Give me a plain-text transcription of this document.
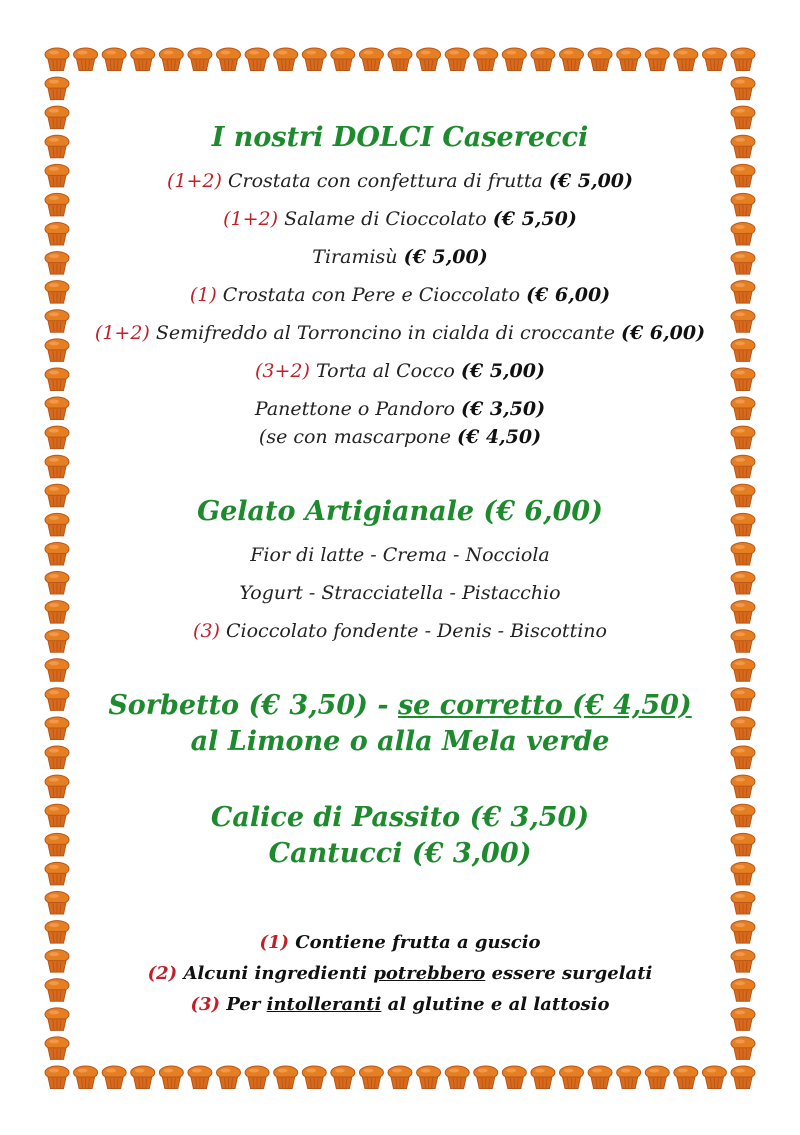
I nostri DOLCI Caserecci
(1+2) Crostata con confettura di frutta (€ 5,00)
(1+2) Salame di Cioccolato (€ 5,50)
Tiramisù (€ 5,00)
(1) Crostata con Pere e Cioccolato (€ 6,00)
(1+2) Semifreddo al Torroncino in cialda di croccante (€ 6,00)
(3+2) Torta al Cocco (€ 5,00)
Panettone o Pandoro (€ 3,50)
(se con mascarpone (€ 4,50)
Gelato Artigianale (€ 6,00)
Fior di latte - Crema - Nocciola
Yogurt - Stracciatella - Pistacchio
(3) Cioccolato fondente - Denis - Biscottino
Sorbetto (€ 3,50) - se corretto (€ 4,50)
al Limone o alla Mela verde
Calice di Passito (€ 3,50)
Cantucci (€ 3,00)
(1) Contiene frutta a guscio
(2) Alcuni ingredienti potrebbero essere surgelati
(3) Per intolleranti al glutine e al lattosio
